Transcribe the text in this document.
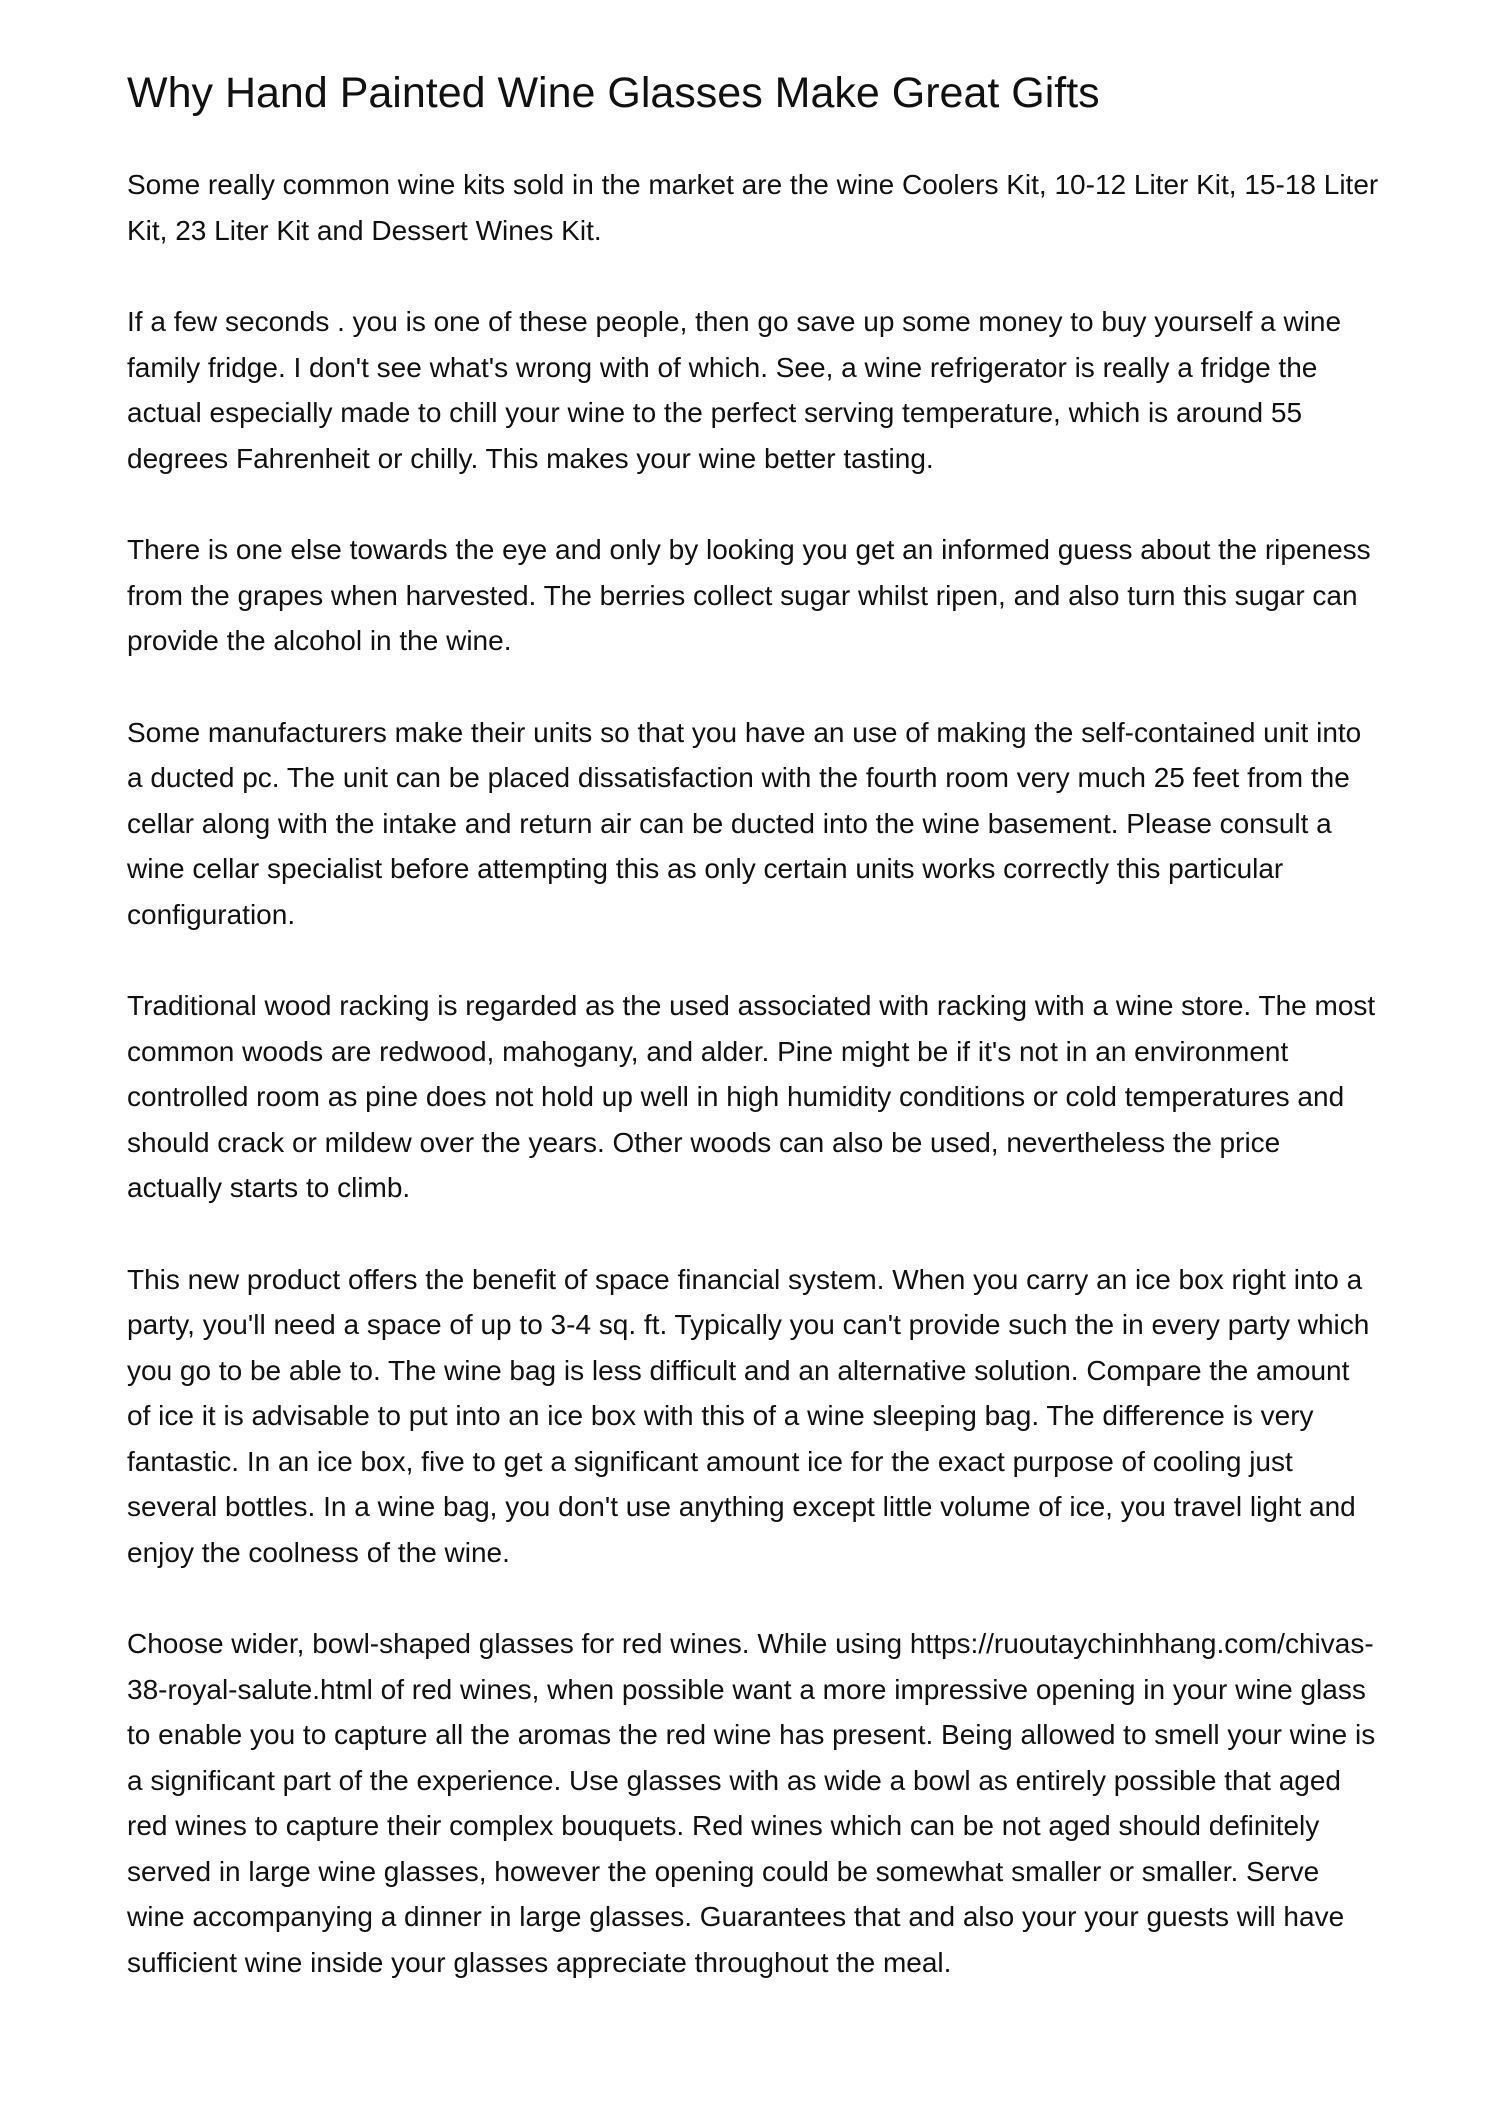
Why Hand Painted Wine Glasses Make Great Gifts

Some really common wine kits sold in the market are the wine Coolers Kit, 10-12 Liter Kit, 15-18 Liter Kit, 23 Liter Kit and Dessert Wines Kit.

If a few seconds . you is one of these people, then go save up some money to buy yourself a wine family fridge. I don't see what's wrong with of which. See, a wine refrigerator is really a fridge the actual especially made to chill your wine to the perfect serving temperature, which is around 55 degrees Fahrenheit or chilly. This makes your wine better tasting.

There is one else towards the eye and only by looking you get an informed guess about the ripeness from the grapes when harvested. The berries collect sugar whilst ripen, and also turn this sugar can provide the alcohol in the wine.

Some manufacturers make their units so that you have an use of making the self-contained unit into a ducted pc. The unit can be placed dissatisfaction with the fourth room very much 25 feet from the cellar along with the intake and return air can be ducted into the wine basement. Please consult a wine cellar specialist before attempting this as only certain units works correctly this particular configuration.

Traditional wood racking is regarded as the used associated with racking with a wine store. The most common woods are redwood, mahogany, and alder. Pine might be if it's not in an environment controlled room as pine does not hold up well in high humidity conditions or cold temperatures and should crack or mildew over the years. Other woods can also be used, nevertheless the price actually starts to climb.

This new product offers the benefit of space financial system. When you carry an ice box right into a party, you'll need a space of up to 3-4 sq. ft. Typically you can't provide such the in every party which you go to be able to. The wine bag is less difficult and an alternative solution. Compare the amount of ice it is advisable to put into an ice box with this of a wine sleeping bag. The difference is very fantastic. In an ice box, five to get a significant amount ice for the exact purpose of cooling just several bottles. In a wine bag, you don't use anything except little volume of ice, you travel light and enjoy the coolness of the wine.

Choose wider, bowl-shaped glasses for red wines. While using https://ruoutaychinhhang.com/chivas-38-royal-salute.html of red wines, when possible want a more impressive opening in your wine glass to enable you to capture all the aromas the red wine has present. Being allowed to smell your wine is a significant part of the experience. Use glasses with as wide a bowl as entirely possible that aged red wines to capture their complex bouquets. Red wines which can be not aged should definitely served in large wine glasses, however the opening could be somewhat smaller or smaller. Serve wine accompanying a dinner in large glasses. Guarantees that and also your your guests will have sufficient wine inside your glasses appreciate throughout the meal.
